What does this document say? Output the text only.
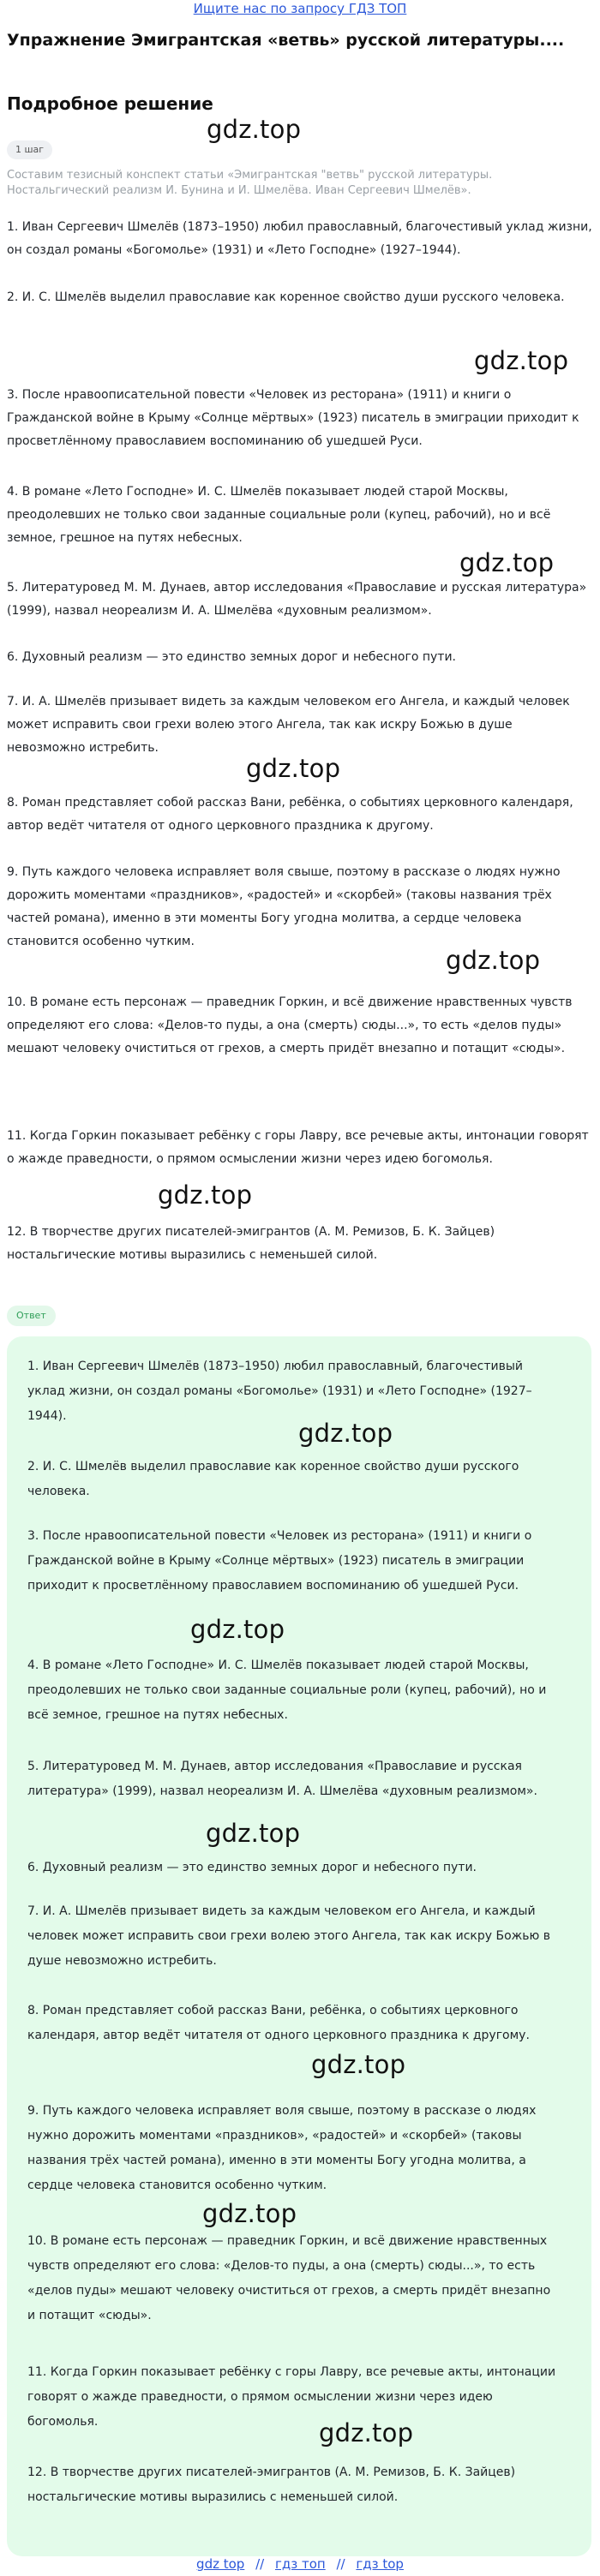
Ищите нас по запросу ГДЗ ТОП
Упражнение Эмигрантская «ветвь» русской литературы....
Подробное решение
1 шаг
Составим тезисный конспект статьи «Эмигрантская "ветвь" русской литературы. Ностальгический реализм И. Бунина и И. Шмелёва. Иван Сергеевич Шмелёв».
1. Иван Сергеевич Шмелёв (1873–1950) любил православный, благочестивый уклад жизни, он создал романы «Богомолье» (1931) и «Лето Господне» (1927–1944).
2. И. С. Шмелёв выделил православие как коренное свойство души русского человека.
3. После нравоописательной повести «Человек из ресторана» (1911) и книги о Гражданской войне в Крыму «Солнце мёртвых» (1923) писатель в эмиграции приходит к просветлённому православием воспоминанию об ушедшей Руси.
4. В романе «Лето Господне» И. С. Шмелёв показывает людей старой Москвы, преодолевших не только свои заданные социальные роли (купец, рабочий), но и всё земное, грешное на путях небесных.
5. Литературовед М. М. Дунаев, автор исследования «Православие и русская литература» (1999), назвал неореализм И. А. Шмелёва «духовным реализмом».
6. Духовный реализм — это единство земных дорог и небесного пути.
7. И. А. Шмелёв призывает видеть за каждым человеком его Ангела, и каждый человек может исправить свои грехи волею этого Ангела, так как искру Божью в душе невозможно истребить.
8. Роман представляет собой рассказ Вани, ребёнка, о событиях церковного календаря, автор ведёт читателя от одного церковного праздника к другому.
9. Путь каждого человека исправляет воля свыше, поэтому в рассказе о людях нужно дорожить моментами «праздников», «радостей» и «скорбей» (таковы названия трёх частей романа), именно в эти моменты Богу угодна молитва, а сердце человека становится особенно чутким.
10. В романе есть персонаж — праведник Горкин, и всё движение нравственных чувств определяют его слова: «Делов-то пуды, а она (смерть) сюды...», то есть «делов пуды» мешают человеку очиститься от грехов, а смерть придёт внезапно и потащит «сюды».
11. Когда Горкин показывает ребёнку с горы Лавру, все речевые акты, интонации говорят о жажде праведности, о прямом осмыслении жизни через идею богомолья.
12. В творчестве других писателей-эмигрантов (А. М. Ремизов, Б. К. Зайцев) ностальгические мотивы выразились с неменьшей силой.
Ответ
1. Иван Сергеевич Шмелёв (1873–1950) любил православный, благочестивый уклад жизни, он создал романы «Богомолье» (1931) и «Лето Господне» (1927–1944).
2. И. С. Шмелёв выделил православие как коренное свойство души русского человека.
3. После нравоописательной повести «Человек из ресторана» (1911) и книги о Гражданской войне в Крыму «Солнце мёртвых» (1923) писатель в эмиграции приходит к просветлённому православием воспоминанию об ушедшей Руси.
4. В романе «Лето Господне» И. С. Шмелёв показывает людей старой Москвы, преодолевших не только свои заданные социальные роли (купец, рабочий), но и всё земное, грешное на путях небесных.
5. Литературовед М. М. Дунаев, автор исследования «Православие и русская литература» (1999), назвал неореализм И. А. Шмелёва «духовным реализмом».
6. Духовный реализм — это единство земных дорог и небесного пути.
7. И. А. Шмелёв призывает видеть за каждым человеком его Ангела, и каждый человек может исправить свои грехи волею этого Ангела, так как искру Божью в душе невозможно истребить.
8. Роман представляет собой рассказ Вани, ребёнка, о событиях церковного календаря, автор ведёт читателя от одного церковного праздника к другому.
9. Путь каждого человека исправляет воля свыше, поэтому в рассказе о людях нужно дорожить моментами «праздников», «радостей» и «скорбей» (таковы названия трёх частей романа), именно в эти моменты Богу угодна молитва, а сердце человека становится особенно чутким.
10. В романе есть персонаж — праведник Горкин, и всё движение нравственных чувств определяют его слова: «Делов-то пуды, а она (смерть) сюды...», то есть «делов пуды» мешают человеку очиститься от грехов, а смерть придёт внезапно и потащит «сюды».
11. Когда Горкин показывает ребёнку с горы Лавру, все речевые акты, интонации говорят о жажде праведности, о прямом осмыслении жизни через идею богомолья.
12. В творчестве других писателей-эмигрантов (А. М. Ремизов, Б. К. Зайцев) ностальгические мотивы выразились с неменьшей силой.
gdz.top
gdz.top
gdz.top
gdz.top
gdz.top
gdz.top
gdz.top
gdz.top
gdz.top
gdz.top
gdz.top
gdz.top
gdz top // гдз топ // гдз top
